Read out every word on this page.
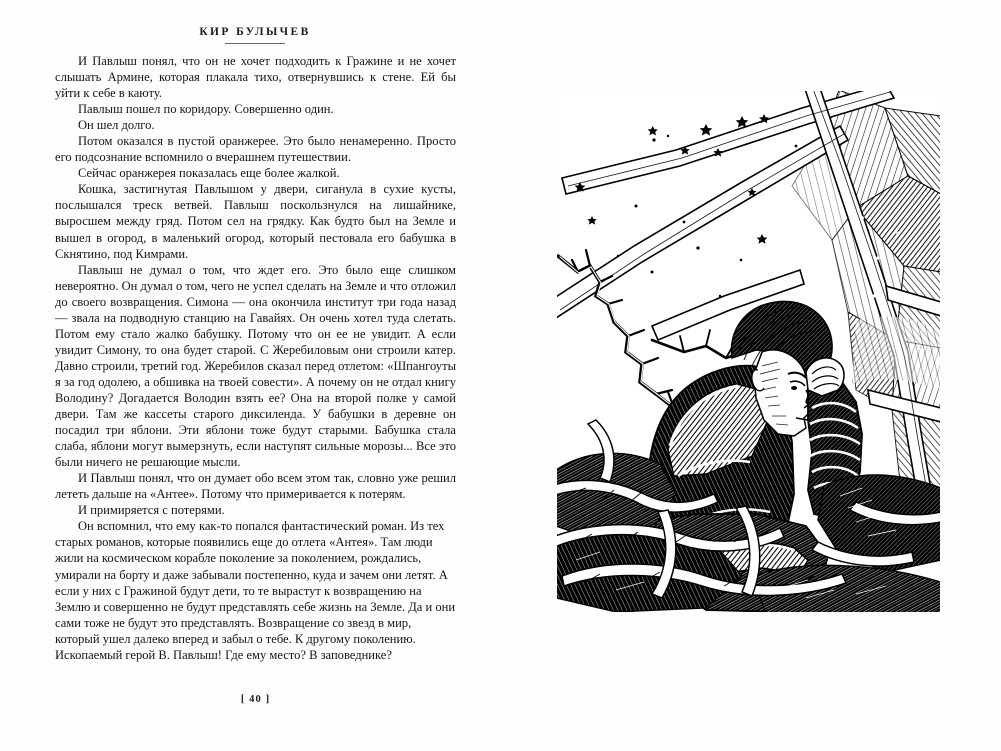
КИР БУЛЫЧЕВ

И Павлыш понял, что он не хочет подходить к Гражине и не хочет слышать Армине, которая плакала тихо, отвернувшись к стене. Ей бы уйти к себе в каюту.

Павлыш пошел по коридору. Совершенно один.

Он шел долго.

Потом оказался в пустой оранжерее. Это было ненамеренно. Просто его подсознание вспомнило о вчерашнем путешествии.

Сейчас оранжерея показалась еще более жалкой.

Кошка, застигнутая Павлышом у двери, сиганула в сухие кусты, послышался треск ветвей. Павлыш поскользнулся на лишайнике, выросшем между гряд. Потом сел на грядку. Как будто был на Земле и вышел в огород, в маленький огород, который пестовала его бабушка в Скнятино, под Кимрами.

Павлыш не думал о том, что ждет его. Это было еще слишком невероятно. Он думал о том, чего не успел сделать на Земле и что отложил до своего возвращения. Симона — она окончила институт три года назад — звала на подводную станцию на Гавайях. Он очень хотел туда слетать. Потом ему стало жалко бабушку. Потому что он ее не увидит. А если увидит Симону, то она будет старой. С Жеребиловым они строили катер. Давно строили, третий год. Жеребилов сказал перед отлетом: «Шпангоуты я за год одолею, а обшивка на твоей совести». А почему он не отдал книгу Володину? Догадается Володин взять ее? Она на второй полке у самой двери. Там же кассеты старого диксиленда. У бабушки в деревне он посадил три яблони. Эти яблони тоже будут старыми. Бабушка стала слаба, яблони могут вымерзнуть, если наступят сильные морозы... Все это были ничего не решающие мысли.

И Павлыш понял, что он думает обо всем этом так, словно уже решил лететь дальше на «Антее». Потому что примеривается к потерям.

И примиряется с потерями.

Он вспомнил, что ему как-то попался фантастический роман. Из тех старых романов, которые появились еще до отлета «Антея». Там люди жили на космическом корабле поколение за поколением, рождались, умирали на борту и даже забывали постепенно, куда и зачем они летят. А если у них с Гражиной будут дети, то те вырастут к возвращению на Землю и совершенно не будут представлять себе жизнь на Земле. Да и они сами тоже не будут это представлять. Возвращение со звезд в мир, который ушел далеко вперед и забыл о тебе. К другому поколению. Ископаемый герой В. Павлыш! Где ему место? В заповеднике?

[ 40 ]
